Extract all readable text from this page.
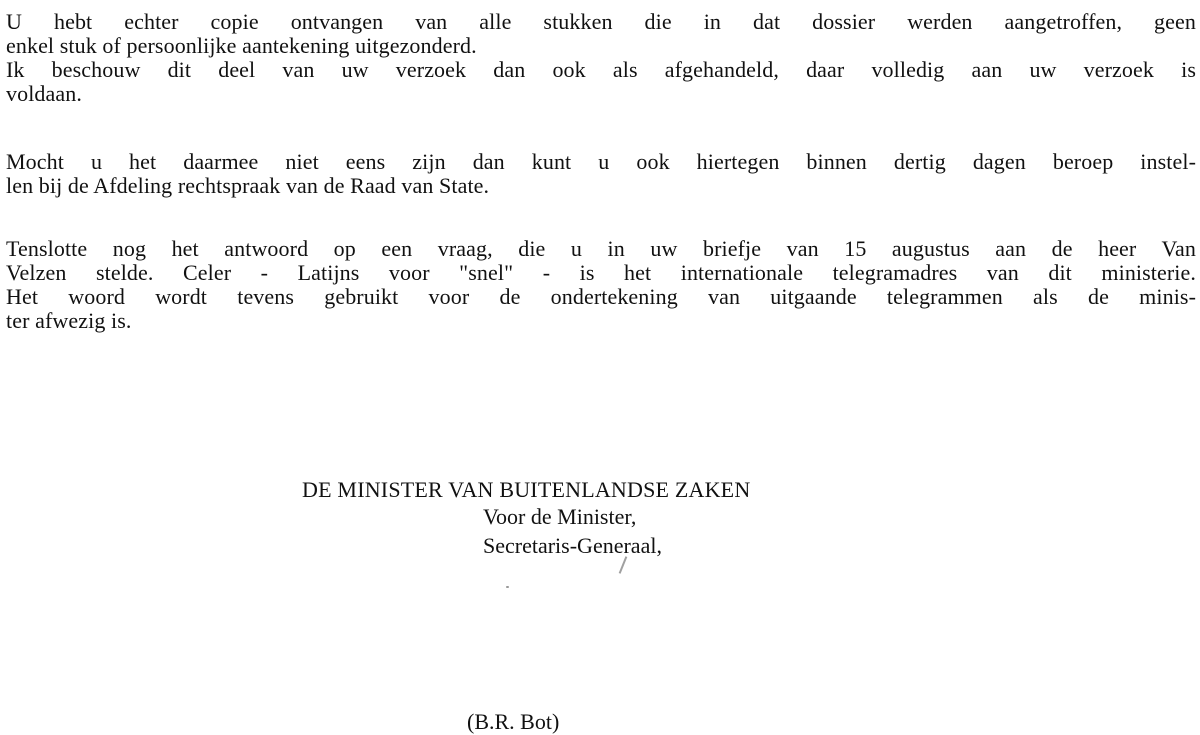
U hebt echter copie ontvangen van alle stukken die in dat dossier werden aangetroffen, geen
enkel stuk of persoonlijke aantekening uitgezonderd.
Ik beschouw dit deel van uw verzoek dan ook als afgehandeld, daar volledig aan uw verzoek is
voldaan.

Mocht u het daarmee niet eens zijn dan kunt u ook hiertegen binnen dertig dagen beroep instel-
len bij de Afdeling rechtspraak van de Raad van State.

Tenslotte nog het antwoord op een vraag, die u in uw briefje van 15 augustus aan de heer Van
Velzen stelde. Celer - Latijns voor "snel" - is het internationale telegramadres van dit ministerie.
Het woord wordt tevens gebruikt voor de ondertekening van uitgaande telegrammen als de minis-
ter afwezig is.

DE MINISTER VAN BUITENLANDSE ZAKEN
Voor de Minister,
Secretaris-Generaal,
(B.R. Bot)
